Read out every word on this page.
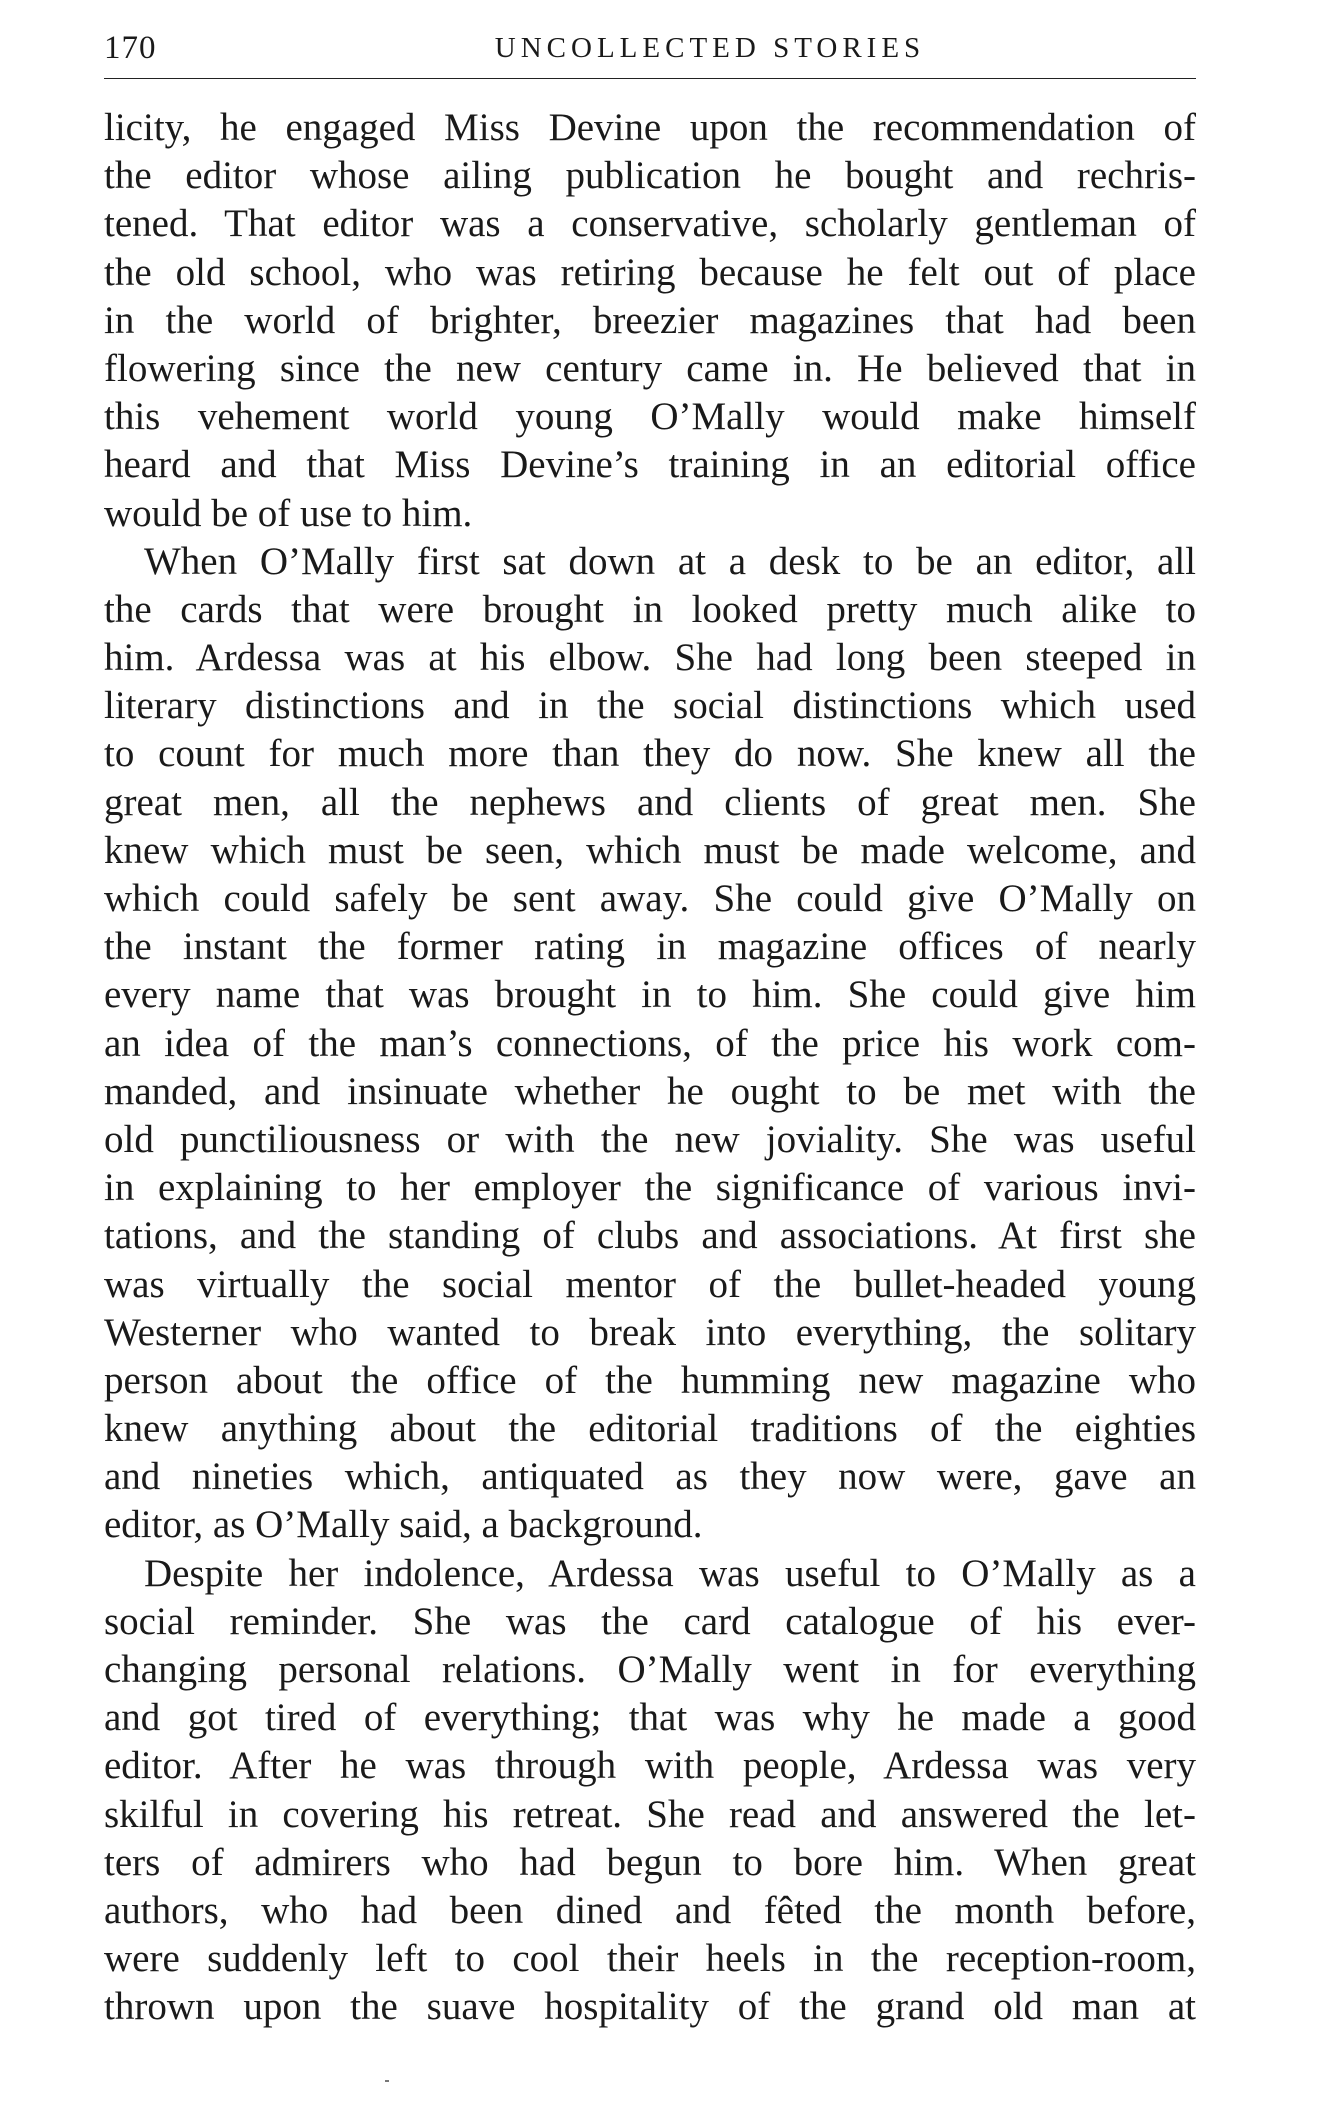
170	UNCOLLECTED STORIES
licity, he engaged Miss Devine upon the recommendation of
the editor whose ailing publication he bought and rechris-
tened. That editor was a conservative, scholarly gentleman of
the old school, who was retiring because he felt out of place
in the world of brighter, breezier magazines that had been
flowering since the new century came in. He believed that in
this vehement world young O’Mally would make himself
heard and that Miss Devine’s training in an editorial office
would be of use to him.
When O’Mally first sat down at a desk to be an editor, all
the cards that were brought in looked pretty much alike to
him. Ardessa was at his elbow. She had long been steeped in
literary distinctions and in the social distinctions which used
to count for much more than they do now. She knew all the
great men, all the nephews and clients of great men. She
knew which must be seen, which must be made welcome, and
which could safely be sent away. She could give O’Mally on
the instant the former rating in magazine offices of nearly
every name that was brought in to him. She could give him
an idea of the man’s connections, of the price his work com-
manded, and insinuate whether he ought to be met with the
old punctiliousness or with the new joviality. She was useful
in explaining to her employer the significance of various invi-
tations, and the standing of clubs and associations. At first she
was virtually the social mentor of the bullet-headed young
Westerner who wanted to break into everything, the solitary
person about the office of the humming new magazine who
knew anything about the editorial traditions of the eighties
and nineties which, antiquated as they now were, gave an
editor, as O’Mally said, a background.
Despite her indolence, Ardessa was useful to O’Mally as a
social reminder. She was the card catalogue of his ever-
changing personal relations. O’Mally went in for everything
and got tired of everything; that was why he made a good
editor. After he was through with people, Ardessa was very
skilful in covering his retreat. She read and answered the let-
ters of admirers who had begun to bore him. When great
authors, who had been dined and fêted the month before,
were suddenly left to cool their heels in the reception-room,
thrown upon the suave hospitality of the grand old man at
